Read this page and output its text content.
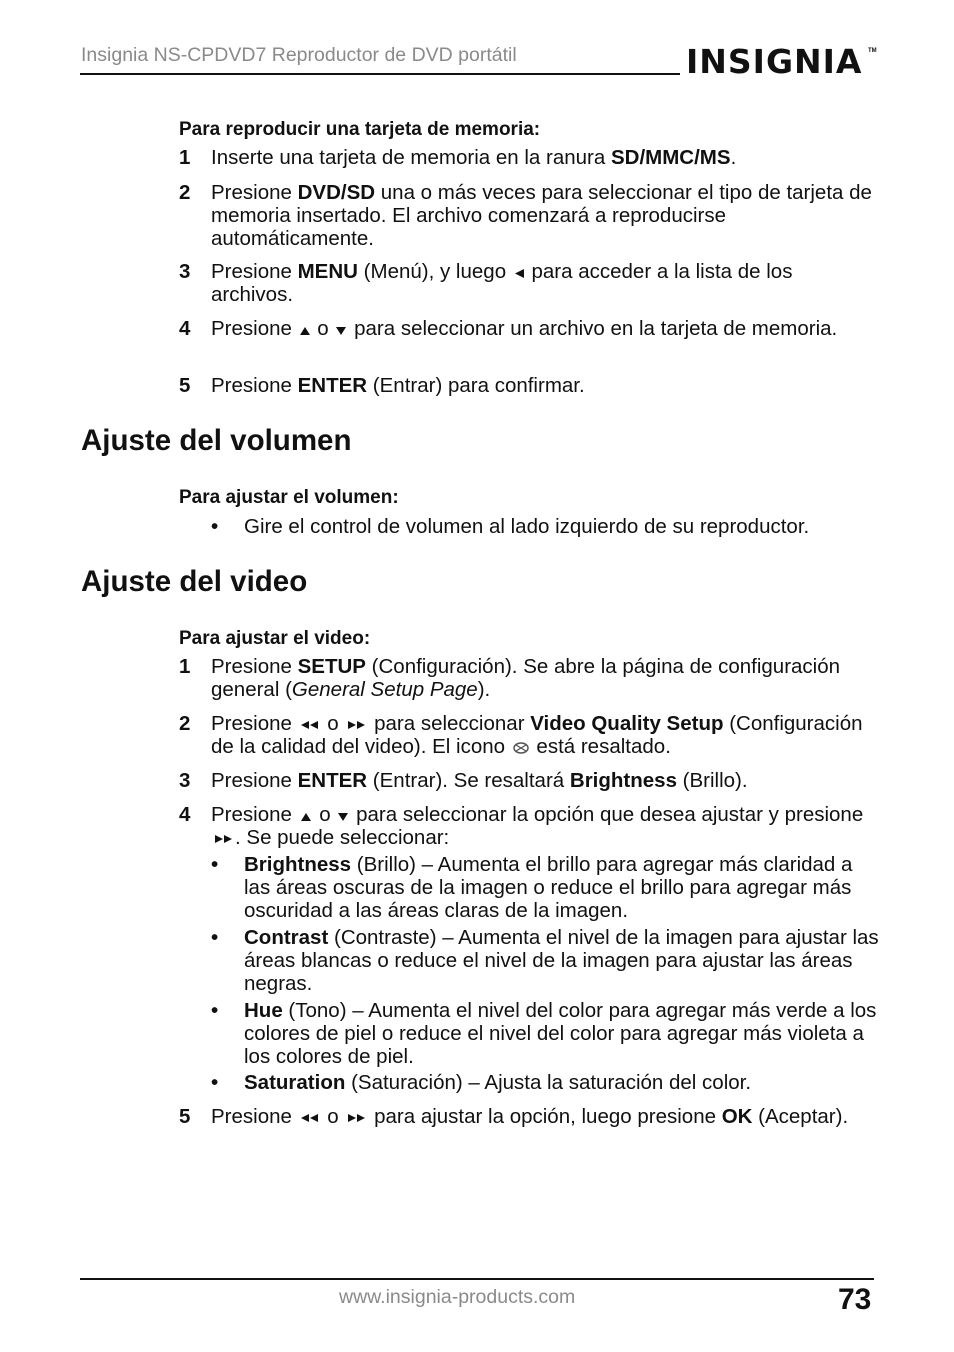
Insignia NS-CPDVD7 Reproductor de DVD portátil	INSIGNIA TM
Para reproducir una tarjeta de memoria:
1	Inserte una tarjeta de memoria en la ranura SD/MMC/MS.
2	Presione DVD/SD una o más veces para seleccionar el tipo de tarjeta de memoria insertado. El archivo comenzará a reproducirse automáticamente.
3	Presione MENU (Menú), y luego  para acceder a la lista de los archivos.
4	Presione  o  para seleccionar un archivo en la tarjeta de memoria.
5	Presione ENTER (Entrar) para confirmar.
Ajuste del volumen
Para ajustar el volumen:
• Gire el control de volumen al lado izquierdo de su reproductor.
Ajuste del video
Para ajustar el video:
1	Presione SETUP (Configuración). Se abre la página de configuración general (General Setup Page).
2	Presione  o  para seleccionar Video Quality Setup (Configuración de la calidad del video). El icono  está resaltado.
3	Presione ENTER (Entrar). Se resaltará Brightness (Brillo).
4	Presione  o  para seleccionar la opción que desea ajustar y presione . Se puede seleccionar:
• Brightness (Brillo) – Aumenta el brillo para agregar más claridad a las áreas oscuras de la imagen o reduce el brillo para agregar más oscuridad a las áreas claras de la imagen.
• Contrast (Contraste) – Aumenta el nivel de la imagen para ajustar las áreas blancas o reduce el nivel de la imagen para ajustar las áreas negras.
• Hue (Tono) – Aumenta el nivel del color para agregar más verde a los colores de piel o reduce el nivel del color para agregar más violeta a los colores de piel.
• Saturation (Saturación) – Ajusta la saturación del color.
5	Presione  o  para ajustar la opción, luego presione OK (Aceptar).
www.insignia-products.com	73
